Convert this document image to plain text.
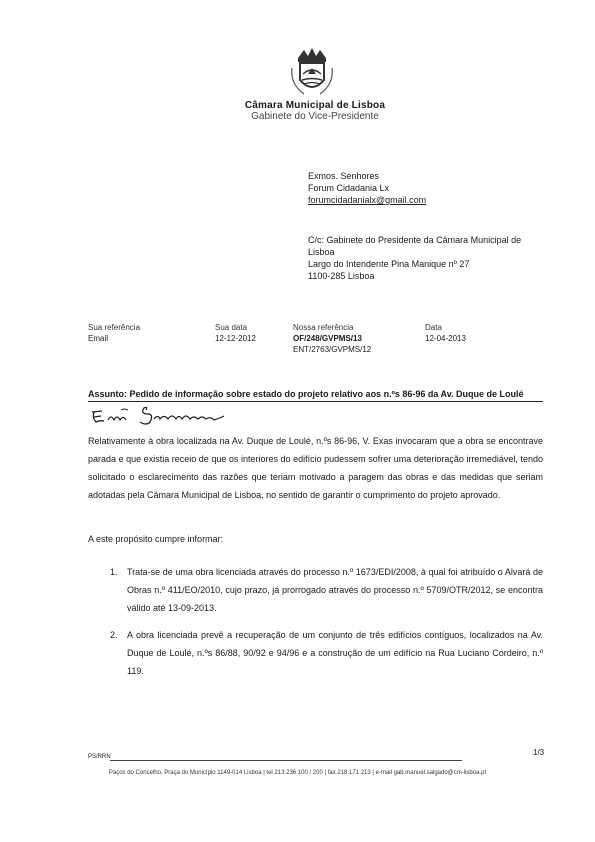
Câmara Municipal de Lisboa
Gabinete do Vice-Presidente
Exmos. Senhores
Forum Cidadania Lx
forumcidadanialx@gmail.com
C/c: Gabinete do Presidente da Câmara Municipal de
Lisboa
Largo do Intendente Pina Manique nº 27
1100-285 Lisboa
Sua referência
Email
Sua data
12-12-2012
Nossa referência
OF/248/GVPMS/13
ENT/2763/GVPMS/12
Data
12-04-2013
Assunto: Pedido de informação sobre estado do projeto relativo aos n.ºs 86-96 da Av. Duque de Loulé
Relativamente à obra localizada na Av. Duque de Loulé, n.ºs 86-96, V. Exas invocaram que a obra se encontrave parada e que existia receio de que os interiores do edifício pudessem sofrer uma deterioração irremediável, tendo solicitado o esclarecimento das razões que teriam motivado a paragem das obras e das medidas que seriam adotadas pela Câmara Municipal de Lisboa, no sentido de garantir o cumprimento do projeto aprovado.
A este propósito cumpre informar:
1. Trata-se de uma obra licenciada através do processo n.º 1673/EDI/2008, à qual foi atribuído o Alvará de Obras n.º 411/EO/2010, cujo prazo, já prorrogado através do processo n.º 5709/OTR/2012, se encontra válido até 13-09-2013.
2. A obra licenciada prevê a recuperação de um conjunto de três edifícios contíguos, localizados na Av. Duque de Loulé, n.ºs 86/88, 90/92 e 94/96 e a construção de um edifício na Rua Luciano Cordeiro, n.º 119.
PS/RRN	1/3
Paços do Concelho, Praça do Município 1149-014 Lisboa | tel 213 236 100 / 200 | fax 218 171 213 | e-mail gab.manuel.salgado@cm-lisboa.pt
